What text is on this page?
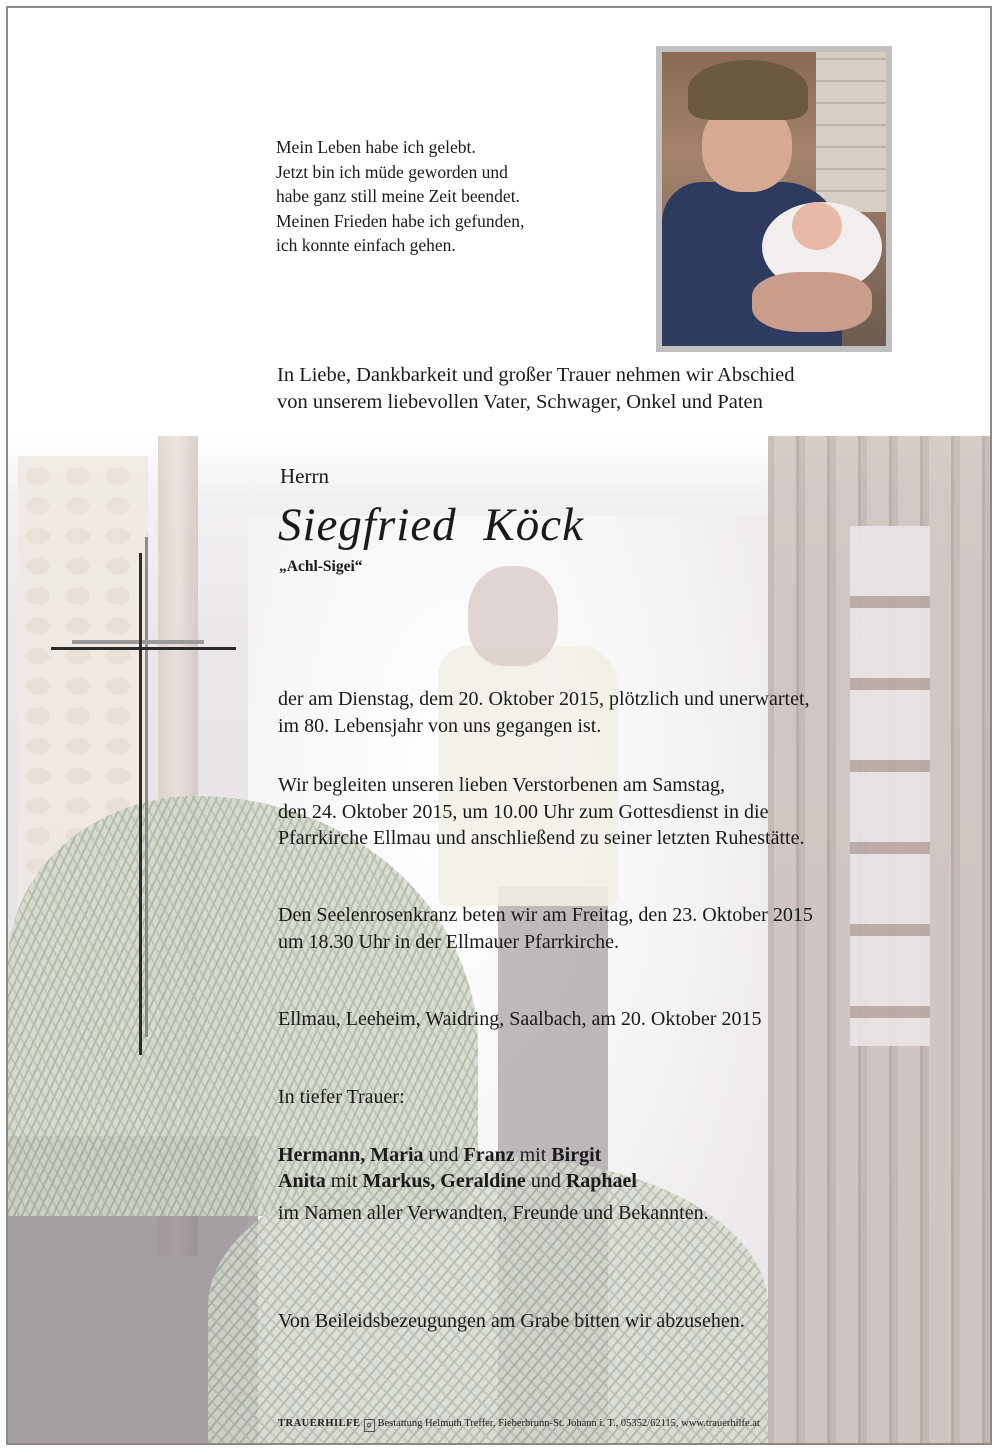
Mein Leben habe ich gelebt.
Jetzt bin ich müde geworden und
habe ganz still meine Zeit beendet.
Meinen Frieden habe ich gefunden,
ich konnte einfach gehen.
In Liebe, Dankbarkeit und großer Trauer nehmen wir Abschied
von unserem liebevollen Vater, Schwager, Onkel und Paten
Herrn
Siegfried Köck
„Achl-Sigei“
der am Dienstag, dem 20. Oktober 2015, plötzlich und unerwartet,
im 80. Lebensjahr von uns gegangen ist.
Wir begleiten unseren lieben Verstorbenen am Samstag,
den 24. Oktober 2015, um 10.00 Uhr zum Gottesdienst in die
Pfarrkirche Ellmau und anschließend zu seiner letzten Ruhestätte.
Den Seelenrosenkranz beten wir am Freitag, den 23. Oktober 2015
um 18.30 Uhr in der Ellmauer Pfarrkirche.
Ellmau, Leeheim, Waidring, Saalbach, am 20. Oktober 2015
In tiefer Trauer:
Hermann, Maria und Franz mit Birgit
Anita mit Markus, Geraldine und Raphael
im Namen aller Verwandten, Freunde und Bekannten.
Von Beileidsbezeugungen am Grabe bitten wir abzusehen.
TRAUERHILFE ✡ Bestattung Helmuth Treffer, Fieberbrunn-St. Johann i. T., 05352/62115, www.trauerhilfe.at
